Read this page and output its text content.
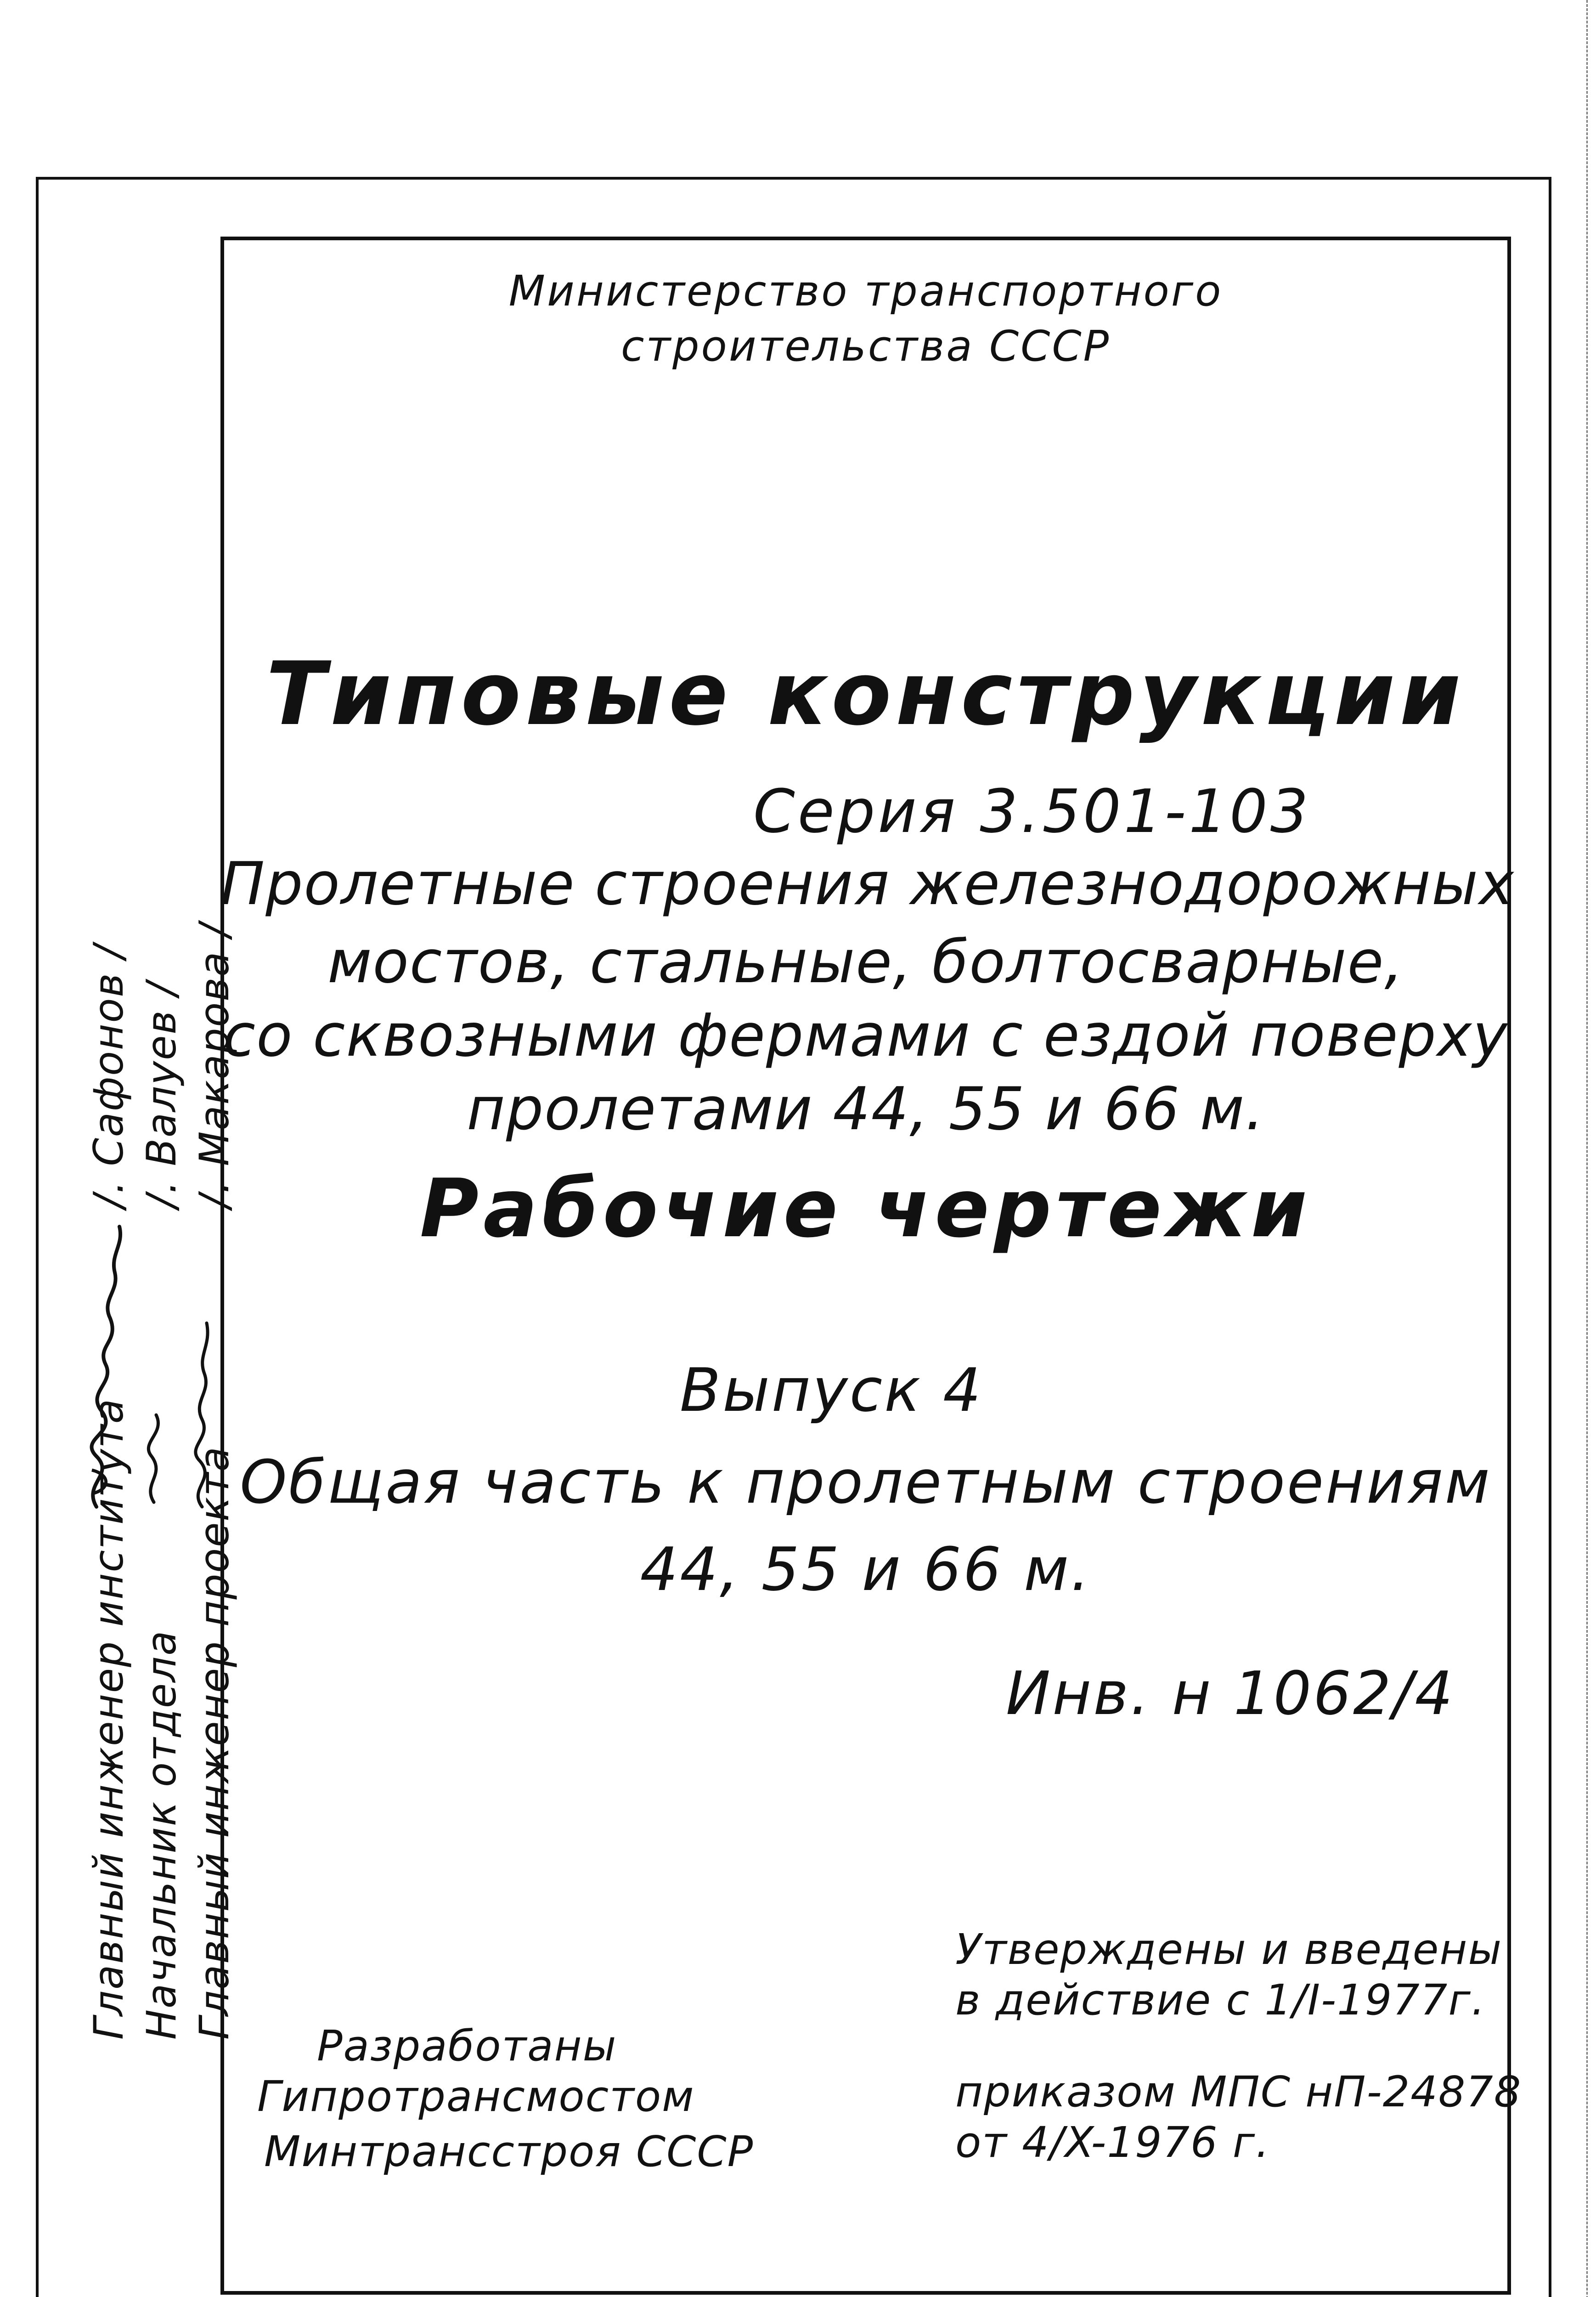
Министерство транспортного
строительства СССР
Типовые конструкции
Серия 3.501-103
Пролетные строения железнодорожных
мостов, стальные, болтосварные,
со сквозными фермами с ездой поверху
пролетами 44, 55 и 66 м.
Рабочие чертежи
Выпуск 4
Общая часть к пролетным строениям
44, 55 и 66 м.
Инв. н 1062/4
Утверждены и введены
в действие с 1/I-1977г.
приказом МПС нП-24878
от 4/X-1976 г.
Разработаны
Гипротрансмостом
Минтрансстроя СССР
Главный инженер института
/. Сафонов /
Начальник отдела
/. Валуев /
Главный инженер проекта
/. Макарова /
